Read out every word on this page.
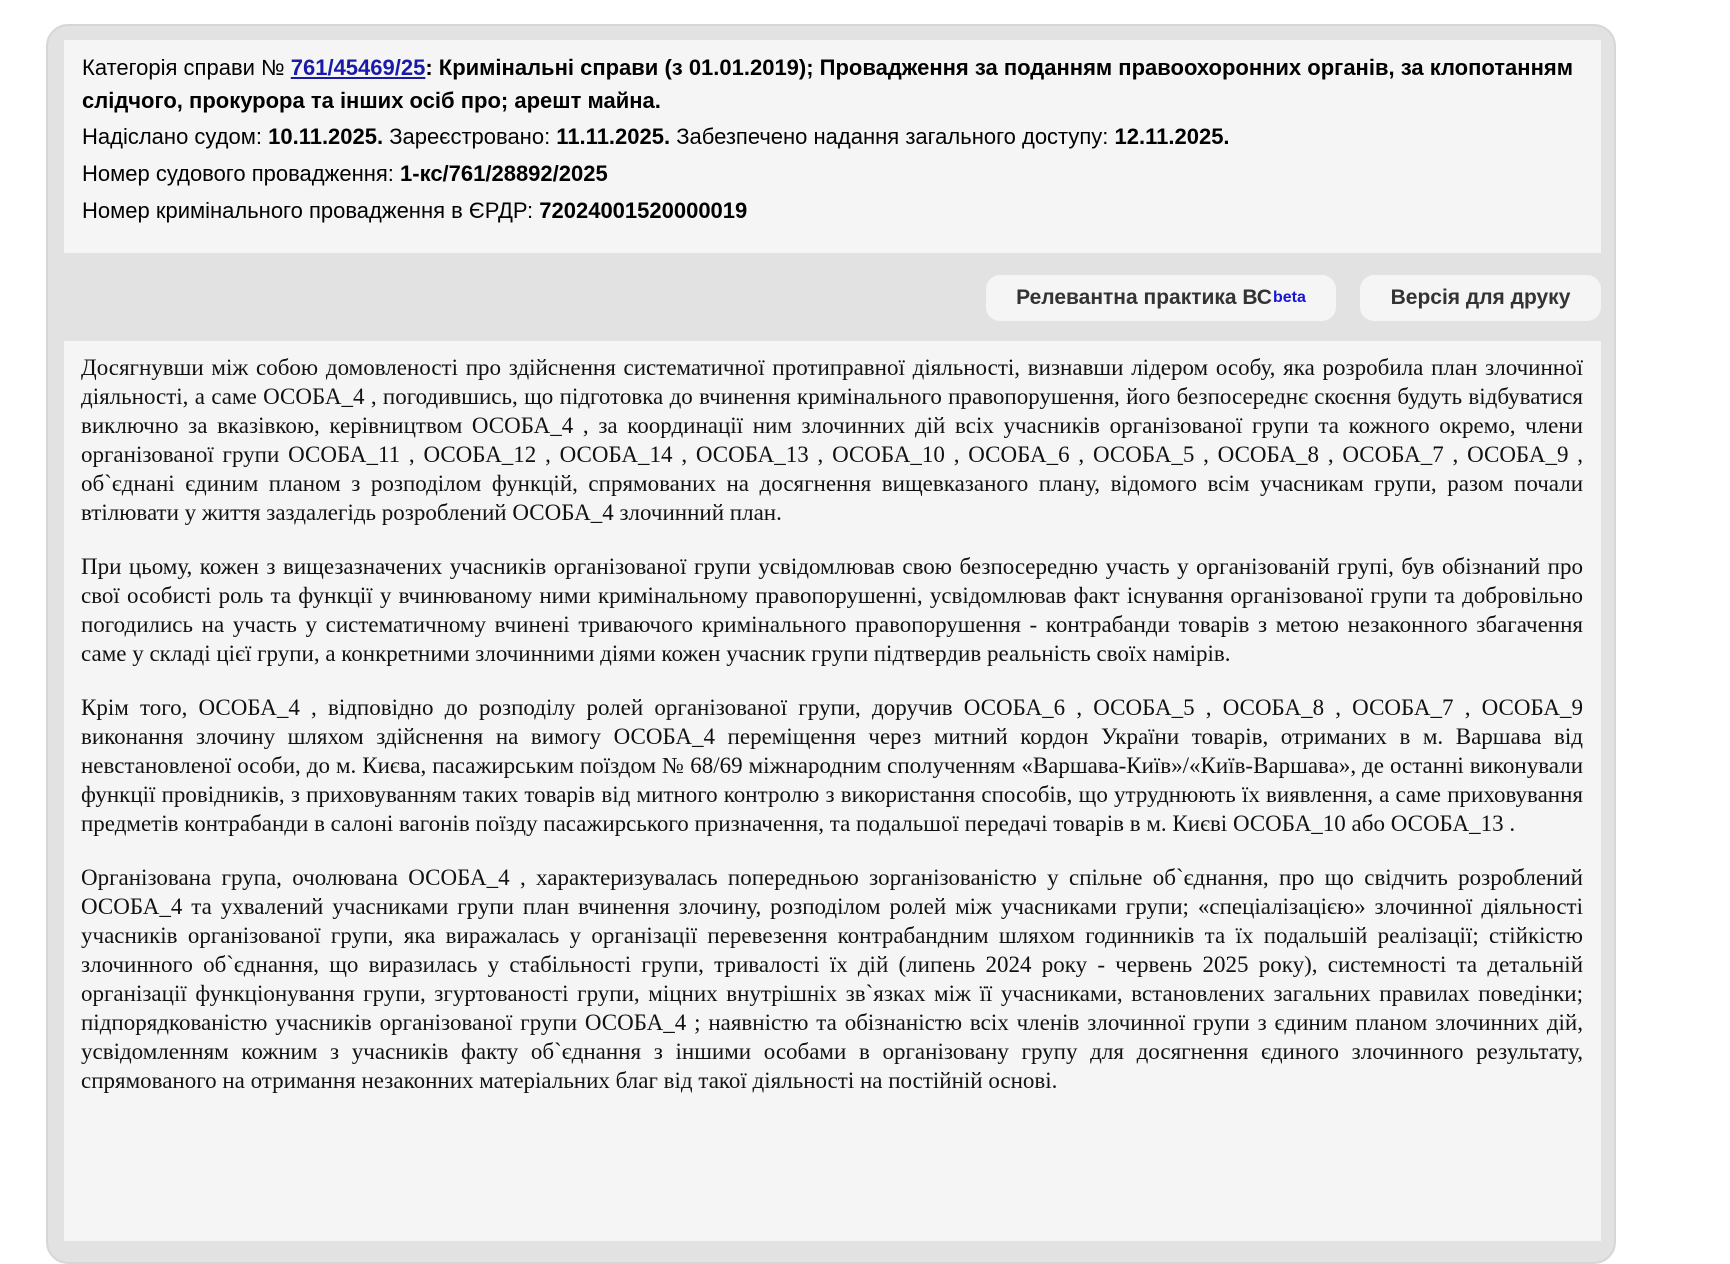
Категорія справи № 761/45469/25: Кримінальні справи (з 01.01.2019); Провадження за поданням правоохоронних органів, за клопотанням слідчого, прокурора та інших осіб про; арешт майна.

Надіслано судом: 10.11.2025. Зареєстровано: 11.11.2025. Забезпечено надання загального доступу: 12.11.2025.

Номер судового провадження: 1-кс/761/28892/2025

Номер кримінального провадження в ЄРДР: 72024001520000019

Релевантна практика ВС beta	Версія для друку

Досягнувши між собою домовленості про здійснення систематичної протиправної діяльності, визнавши лідером особу, яка розробила план злочинної діяльності, а саме ОСОБА_4 , погодившись, що підготовка до вчинення кримінального правопорушення, його безпосереднє скоєння будуть відбуватися виключно за вказівкою, керівництвом ОСОБА_4 , за координації ним злочинних дій всіх учасників організованої групи та кожного окремо, члени організованої групи ОСОБА_11 , ОСОБА_12 , ОСОБА_14 , ОСОБА_13 , ОСОБА_10 , ОСОБА_6 , ОСОБА_5 , ОСОБА_8 , ОСОБА_7 , ОСОБА_9 , об`єднані єдиним планом з розподілом функцій, спрямованих на досягнення вищевказаного плану, відомого всім учасникам групи, разом почали втілювати у життя заздалегідь розроблений ОСОБА_4 злочинний план.

При цьому, кожен з вищезазначених учасників організованої групи усвідомлював свою безпосередню участь у організованій групі, був обізнаний про свої особисті роль та функції у вчинюваному ними кримінальному правопорушенні, усвідомлював факт існування організованої групи та добровільно погодились на участь у систематичному вчинені триваючого кримінального правопорушення - контрабанди товарів з метою незаконного збагачення саме у складі цієї групи, а конкретними злочинними діями кожен учасник групи підтвердив реальність своїх намірів.

Крім того, ОСОБА_4 , відповідно до розподілу ролей організованої групи, доручив ОСОБА_6 , ОСОБА_5 , ОСОБА_8 , ОСОБА_7 , ОСОБА_9 виконання злочину шляхом здійснення на вимогу ОСОБА_4 переміщення через митний кордон України товарів, отриманих в м. Варшава від невстановленої особи, до м. Києва, пасажирським поїздом № 68/69 міжнародним сполученням «Варшава-Київ»/«Київ-Варшава», де останні виконували функції провідників, з приховуванням таких товарів від митного контролю з використання способів, що утруднюють їх виявлення, а саме приховування предметів контрабанди в салоні вагонів поїзду пасажирського призначення, та подальшої передачі товарів в м. Києві ОСОБА_10 або ОСОБА_13 .

Організована група, очолювана ОСОБА_4 , характеризувалась попередньою зорганізованістю у спільне об`єднання, про що свідчить розроблений ОСОБА_4 та ухвалений учасниками групи план вчинення злочину, розподілом ролей між учасниками групи; «спеціалізацією» злочинної діяльності учасників організованої групи, яка виражалась у організації перевезення контрабандним шляхом годинників та їх подальшій реалізації; стійкістю злочинного об`єднання, що виразилась у стабільності групи, тривалості їх дій (липень 2024 року - червень 2025 року), системності та детальній організації функціонування групи, згуртованості групи, міцних внутрішніх зв`язках між її учасниками, встановлених загальних правилах поведінки; підпорядкованістю учасників організованої групи ОСОБА_4 ; наявністю та обізнаністю всіх членів злочинної групи з єдиним планом злочинних дій, усвідомленням кожним з учасників факту об`єднання з іншими особами в організовану групу для досягнення єдиного злочинного результату, спрямованого на отримання незаконних матеріальних благ від такої діяльності на постійній основі.
